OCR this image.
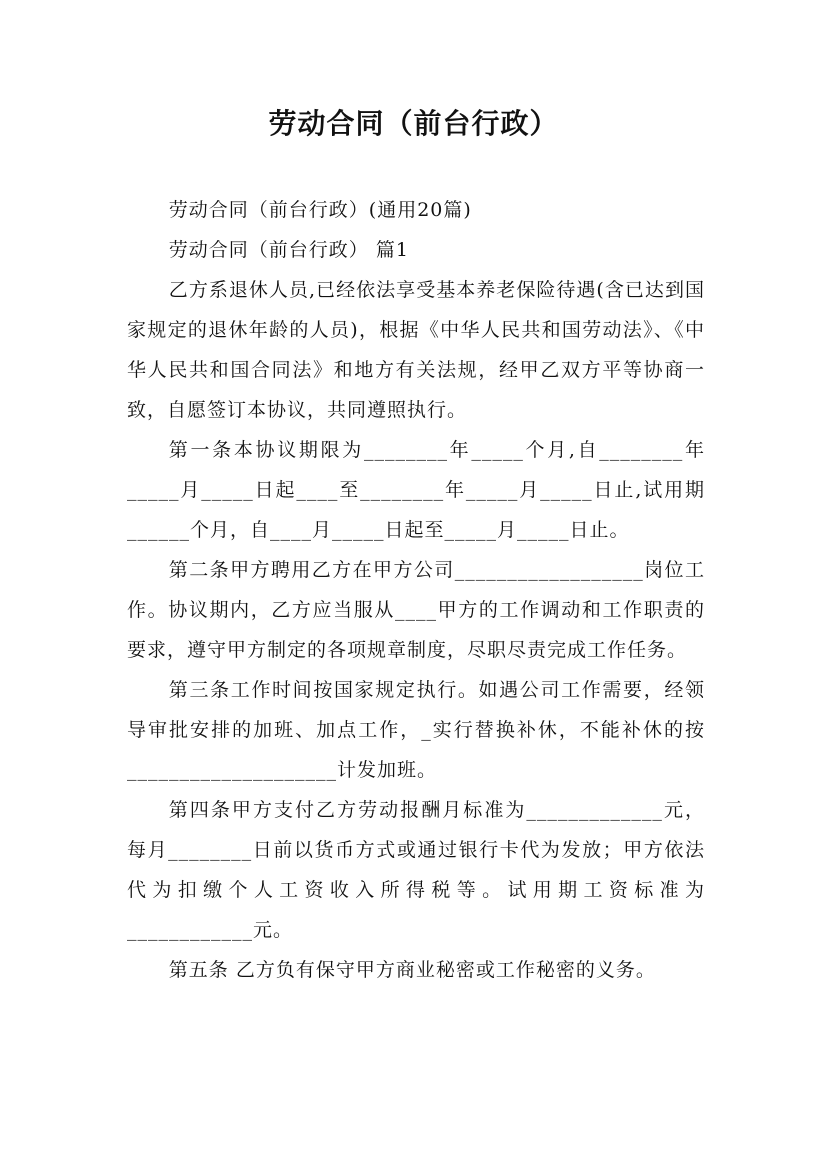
劳动合同（前台行政）

劳动合同（前台行政）(通用20篇)

劳动合同（前台行政） 篇1

乙方系退休人员,已经依法享受基本养老保险待遇(含已达到国家规定的退休年龄的人员)，根据《中华人民共和国劳动法》、《中华人民共和国合同法》和地方有关法规，经甲乙双方平等协商一致，自愿签订本协议，共同遵照执行。

第一条本协议期限为________年_____个月,自________年_____月_____日起____至________年_____月_____日止,试用期______个月，自____月_____日起至_____月_____日止。

第二条甲方聘用乙方在甲方公司__________________岗位工作。协议期内，乙方应当服从____甲方的工作调动和工作职责的要求，遵守甲方制定的各项规章制度，尽职尽责完成工作任务。

第三条工作时间按国家规定执行。如遇公司工作需要，经领导审批安排的加班、加点工作，_实行替换补休，不能补休的按____________________计发加班。

第四条甲方支付乙方劳动报酬月标准为_____________元，每月________日前以货币方式或通过银行卡代为发放；甲方依法代为扣缴个人工资收入所得税等。试用期工资标准为____________元。

第五条 乙方负有保守甲方商业秘密或工作秘密的义务。
